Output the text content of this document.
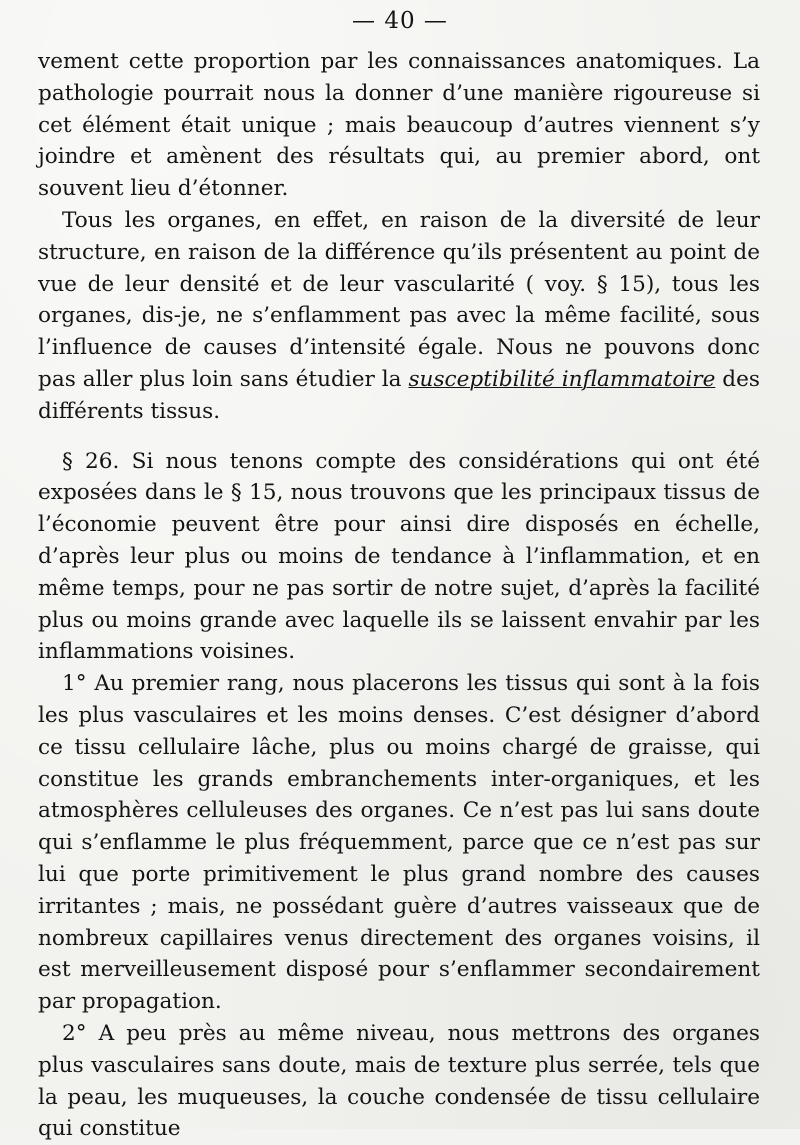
— 40 —

vement cette proportion par les connaissances anatomiques. La pathologie pourrait nous la donner d’une manière rigoureuse si cet élément était unique ; mais beaucoup d’autres viennent s’y joindre et amènent des résultats qui, au premier abord, ont souvent lieu d’étonner.

Tous les organes, en effet, en raison de la diversité de leur structure, en raison de la différence qu’ils présentent au point de vue de leur densité et de leur vascularité ( voy. § 15), tous les organes, dis-je, ne s’enflamment pas avec la même facilité, sous l’influence de causes d’intensité égale. Nous ne pouvons donc pas aller plus loin sans étudier la susceptibilité inflammatoire des différents tissus.

§ 26. Si nous tenons compte des considérations qui ont été exposées dans le § 15, nous trouvons que les principaux tissus de l’économie peuvent être pour ainsi dire disposés en échelle, d’après leur plus ou moins de tendance à l’inflammation, et en même temps, pour ne pas sortir de notre sujet, d’après la facilité plus ou moins grande avec laquelle ils se laissent envahir par les inflammations voisines.

1° Au premier rang, nous placerons les tissus qui sont à la fois les plus vasculaires et les moins denses. C’est désigner d’abord ce tissu cellulaire lâche, plus ou moins chargé de graisse, qui constitue les grands embranchements inter-organiques, et les atmosphères celluleuses des organes. Ce n’est pas lui sans doute qui s’enflamme le plus fréquemment, parce que ce n’est pas sur lui que porte primitivement le plus grand nombre des causes irritantes ; mais, ne possédant guère d’autres vaisseaux que de nombreux capillaires venus directement des organes voisins, il est merveilleusement disposé pour s’enflammer secondairement par propagation.

2° A peu près au même niveau, nous mettrons des organes plus vasculaires sans doute, mais de texture plus serrée, tels que la peau, les muqueuses, la couche condensée de tissu cellulaire qui constitue
